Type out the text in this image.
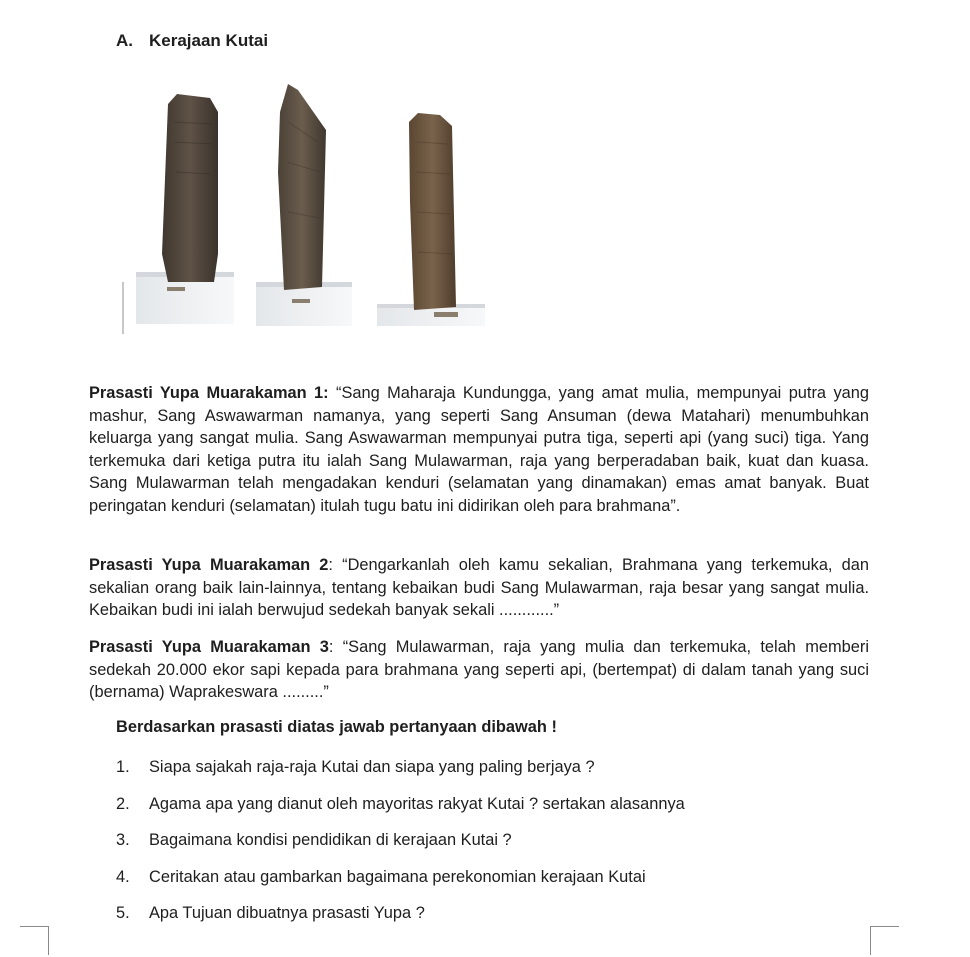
A. Kerajaan Kutai
Prasasti Yupa Muarakaman 1: “Sang Maharaja Kundungga, yang amat mulia, mempunyai putra yang mashur, Sang Aswawarman namanya, yang seperti Sang Ansuman (dewa Matahari) menumbuhkan keluarga yang sangat mulia. Sang Aswawarman mempunyai putra tiga, seperti api (yang suci) tiga. Yang terkemuka dari ketiga putra itu ialah Sang Mulawarman, raja yang berperadaban baik, kuat dan kuasa. Sang Mulawarman telah mengadakan kenduri (selamatan yang dinamakan) emas amat banyak. Buat peringatan kenduri (selamatan) itulah tugu batu ini didirikan oleh para brahmana”.
Prasasti Yupa Muarakaman 2: “Dengarkanlah oleh kamu sekalian, Brahmana yang terkemuka, dan sekalian orang baik lain-lainnya, tentang kebaikan budi Sang Mulawarman, raja besar yang sangat mulia. Kebaikan budi ini ialah berwujud sedekah banyak sekali ............”
Prasasti Yupa Muarakaman 3: “Sang Mulawarman, raja yang mulia dan terkemuka, telah memberi sedekah 20.000 ekor sapi kepada para brahmana yang seperti api, (bertempat) di dalam tanah yang suci (bernama) Waprakeswara .........”
Berdasarkan prasasti diatas jawab pertanyaan dibawah !
1. Siapa sajakah raja-raja Kutai dan siapa yang paling berjaya ?
2. Agama apa yang dianut oleh mayoritas rakyat Kutai ? sertakan alasannya
3. Bagaimana kondisi pendidikan di kerajaan Kutai ?
4. Ceritakan atau gambarkan bagaimana perekonomian kerajaan Kutai
5. Apa Tujuan dibuatnya prasasti Yupa ?
